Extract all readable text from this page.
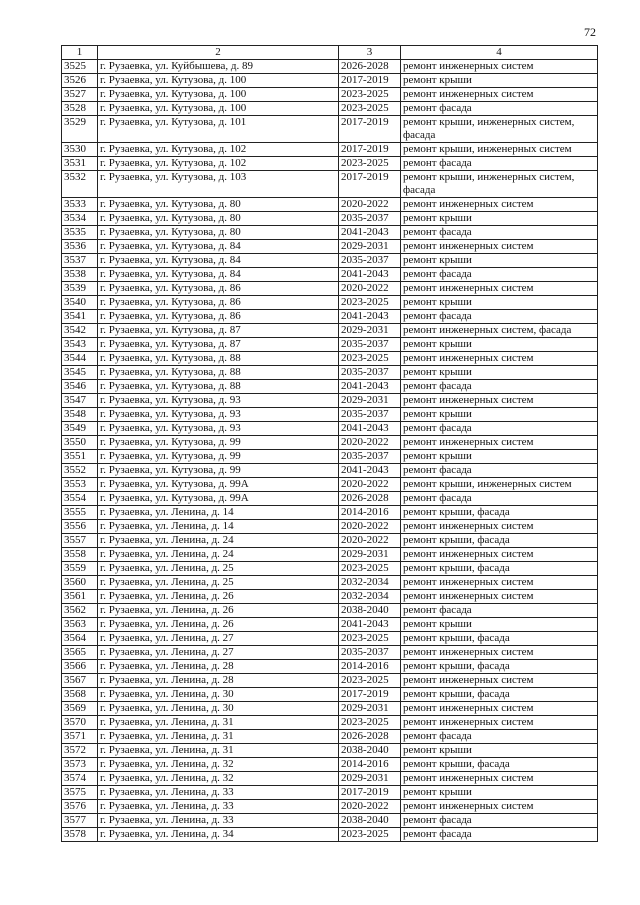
72
1	2	3	4
3525	г. Рузаевка, ул. Куйбышева, д. 89	2026-2028	ремонт инженерных систем
3526	г. Рузаевка, ул. Кутузова, д. 100	2017-2019	ремонт крыши
3527	г. Рузаевка, ул. Кутузова, д. 100	2023-2025	ремонт инженерных систем
3528	г. Рузаевка, ул. Кутузова, д. 100	2023-2025	ремонт фасада
3529	г. Рузаевка, ул. Кутузова, д. 101	2017-2019	ремонт крыши, инженерных систем, фасада
3530	г. Рузаевка, ул. Кутузова, д. 102	2017-2019	ремонт крыши, инженерных систем
3531	г. Рузаевка, ул. Кутузова, д. 102	2023-2025	ремонт фасада
3532	г. Рузаевка, ул. Кутузова, д. 103	2017-2019	ремонт крыши, инженерных систем, фасада
3533	г. Рузаевка, ул. Кутузова, д. 80	2020-2022	ремонт инженерных систем
3534	г. Рузаевка, ул. Кутузова, д. 80	2035-2037	ремонт крыши
3535	г. Рузаевка, ул. Кутузова, д. 80	2041-2043	ремонт фасада
3536	г. Рузаевка, ул. Кутузова, д. 84	2029-2031	ремонт инженерных систем
3537	г. Рузаевка, ул. Кутузова, д. 84	2035-2037	ремонт крыши
3538	г. Рузаевка, ул. Кутузова, д. 84	2041-2043	ремонт фасада
3539	г. Рузаевка, ул. Кутузова, д. 86	2020-2022	ремонт инженерных систем
3540	г. Рузаевка, ул. Кутузова, д. 86	2023-2025	ремонт крыши
3541	г. Рузаевка, ул. Кутузова, д. 86	2041-2043	ремонт фасада
3542	г. Рузаевка, ул. Кутузова, д. 87	2029-2031	ремонт инженерных систем, фасада
3543	г. Рузаевка, ул. Кутузова, д. 87	2035-2037	ремонт крыши
3544	г. Рузаевка, ул. Кутузова, д. 88	2023-2025	ремонт инженерных систем
3545	г. Рузаевка, ул. Кутузова, д. 88	2035-2037	ремонт крыши
3546	г. Рузаевка, ул. Кутузова, д. 88	2041-2043	ремонт фасада
3547	г. Рузаевка, ул. Кутузова, д. 93	2029-2031	ремонт инженерных систем
3548	г. Рузаевка, ул. Кутузова, д. 93	2035-2037	ремонт крыши
3549	г. Рузаевка, ул. Кутузова, д. 93	2041-2043	ремонт фасада
3550	г. Рузаевка, ул. Кутузова, д. 99	2020-2022	ремонт инженерных систем
3551	г. Рузаевка, ул. Кутузова, д. 99	2035-2037	ремонт крыши
3552	г. Рузаевка, ул. Кутузова, д. 99	2041-2043	ремонт фасада
3553	г. Рузаевка, ул. Кутузова, д. 99А	2020-2022	ремонт крыши, инженерных систем
3554	г. Рузаевка, ул. Кутузова, д. 99А	2026-2028	ремонт фасада
3555	г. Рузаевка, ул. Ленина, д. 14	2014-2016	ремонт крыши, фасада
3556	г. Рузаевка, ул. Ленина, д. 14	2020-2022	ремонт инженерных систем
3557	г. Рузаевка, ул. Ленина, д. 24	2020-2022	ремонт крыши, фасада
3558	г. Рузаевка, ул. Ленина, д. 24	2029-2031	ремонт инженерных систем
3559	г. Рузаевка, ул. Ленина, д. 25	2023-2025	ремонт крыши, фасада
3560	г. Рузаевка, ул. Ленина, д. 25	2032-2034	ремонт инженерных систем
3561	г. Рузаевка, ул. Ленина, д. 26	2032-2034	ремонт инженерных систем
3562	г. Рузаевка, ул. Ленина, д. 26	2038-2040	ремонт фасада
3563	г. Рузаевка, ул. Ленина, д. 26	2041-2043	ремонт крыши
3564	г. Рузаевка, ул. Ленина, д. 27	2023-2025	ремонт крыши, фасада
3565	г. Рузаевка, ул. Ленина, д. 27	2035-2037	ремонт инженерных систем
3566	г. Рузаевка, ул. Ленина, д. 28	2014-2016	ремонт крыши, фасада
3567	г. Рузаевка, ул. Ленина, д. 28	2023-2025	ремонт инженерных систем
3568	г. Рузаевка, ул. Ленина, д. 30	2017-2019	ремонт крыши, фасада
3569	г. Рузаевка, ул. Ленина, д. 30	2029-2031	ремонт инженерных систем
3570	г. Рузаевка, ул. Ленина, д. 31	2023-2025	ремонт инженерных систем
3571	г. Рузаевка, ул. Ленина, д. 31	2026-2028	ремонт фасада
3572	г. Рузаевка, ул. Ленина, д. 31	2038-2040	ремонт крыши
3573	г. Рузаевка, ул. Ленина, д. 32	2014-2016	ремонт крыши, фасада
3574	г. Рузаевка, ул. Ленина, д. 32	2029-2031	ремонт инженерных систем
3575	г. Рузаевка, ул. Ленина, д. 33	2017-2019	ремонт крыши
3576	г. Рузаевка, ул. Ленина, д. 33	2020-2022	ремонт инженерных систем
3577	г. Рузаевка, ул. Ленина, д. 33	2038-2040	ремонт фасада
3578	г. Рузаевка, ул. Ленина, д. 34	2023-2025	ремонт фасада
